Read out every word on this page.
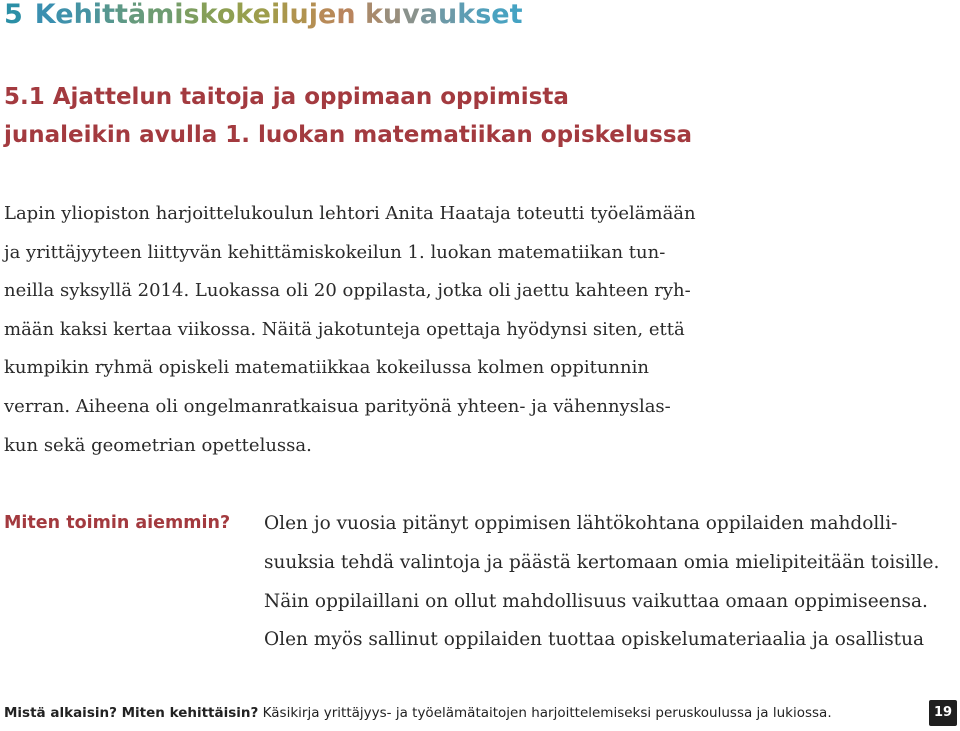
5 Kehittämiskokeilujen kuvaukset
5.1 Ajattelun taitoja ja oppimaan oppimista
junaleikin avulla 1. luokan matematiikan opiskelussa
Lapin yliopiston harjoittelukoulun lehtori Anita Haataja toteutti työelämään
ja yrittäjyyteen liittyvän kehittämiskokeilun 1. luokan matematiikan tun-
neilla syksyllä 2014. Luokassa oli 20 oppilasta, jotka oli jaettu kahteen ryh-
mään kaksi kertaa viikossa. Näitä jakotunteja opettaja hyödynsi siten, että
kumpikin ryhmä opiskeli matematiikkaa kokeilussa kolmen oppitunnin
verran. Aiheena oli ongelmanratkaisua parityönä yhteen- ja vähennyslas-
kun sekä geometrian opettelussa.
Miten toimin aiemmin? Olen jo vuosia pitänyt oppimisen lähtökohtana oppilaiden mahdolli-
suuksia tehdä valintoja ja päästä kertomaan omia mielipiteitään toisille.
Näin oppilaillani on ollut mahdollisuus vaikuttaa omaan oppimiseensa.
Olen myös sallinut oppilaiden tuottaa opiskelumateriaalia ja osallistua
Mistä alkaisin? Miten kehittäisin? Käsikirja yrittäjyys- ja työelämätaitojen harjoittelemiseksi peruskoulussa ja lukiossa.	19
